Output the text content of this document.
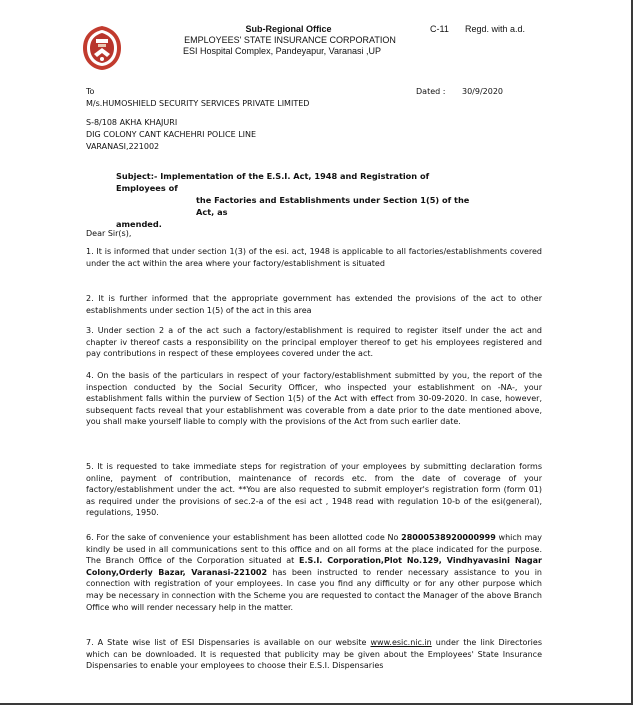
Sub-Regional Office
EMPLOYEES' STATE INSURANCE CORPORATION
ESI Hospital Complex, Pandeyapur, Varanasi ,UP
C-11 Regd. with a.d.
To
M/s.HUMOSHIELD SECURITY SERVICES PRIVATE LIMITED
S-8/108 AKHA KHAJURI
DIG COLONY CANT KACHEHRI POLICE LINE
VARANASI,221002
Dated : 30/9/2020
Subject:- Implementation of the E.S.I. Act, 1948 and Registration of Employees of
the Factories and Establishments under Section 1(5) of the Act, as
amended.
Dear Sir(s),
1. It is informed that under section 1(3) of the esi. act, 1948 is applicable to all factories/establishments covered under the act within the area where your factory/establishment is situated
2. It is further informed that the appropriate government has extended the provisions of the act to other establishments under section 1(5) of the act in this area
3. Under section 2 a of the act such a factory/establishment is required to register itself under the act and chapter iv thereof casts a responsibility on the principal employer thereof to get his employees registered and pay contributions in respect of these employees covered under the act.
4. On the basis of the particulars in respect of your factory/establishment submitted by you, the report of the inspection conducted by the Social Security Officer, who inspected your establishment on -NA-, your establishment falls within the purview of Section 1(5) of the Act with effect from 30-09-2020. In case, however, subsequent facts reveal that your establishment was coverable from a date prior to the date mentioned above, you shall make yourself liable to comply with the provisions of the Act from such earlier date.
5. It is requested to take immediate steps for registration of your employees by submitting declaration forms online, payment of contribution, maintenance of records etc. from the date of coverage of your factory/establishment under the act. **You are also requested to submit employer's registration form (form 01) as required under the provisions of sec.2-a of the esi act , 1948 read with regulation 10-b of the esi(general), regulations, 1950.
6. For the sake of convenience your establishment has been allotted code No 28000538920000999 which may kindly be used in all communications sent to this office and on all forms at the place indicated for the purpose. The Branch Office of the Corporation situated at E.S.I. Corporation,Plot No.129, Vindhyavasini Nagar Colony,Orderly Bazar, Varanasi-221002 has been instructed to render necessary assistance to you in connection with registration of your employees. In case you find any difficulty or for any other purpose which may be necessary in connection with the Scheme you are requested to contact the Manager of the above Branch Office who will render necessary help in the matter.
7. A State wise list of ESI Dispensaries is available on our website www.esic.nic.in under the link Directories which can be downloaded. It is requested that publicity may be given about the Employees' State Insurance Dispensaries to enable your employees to choose their E.S.I. Dispensaries
